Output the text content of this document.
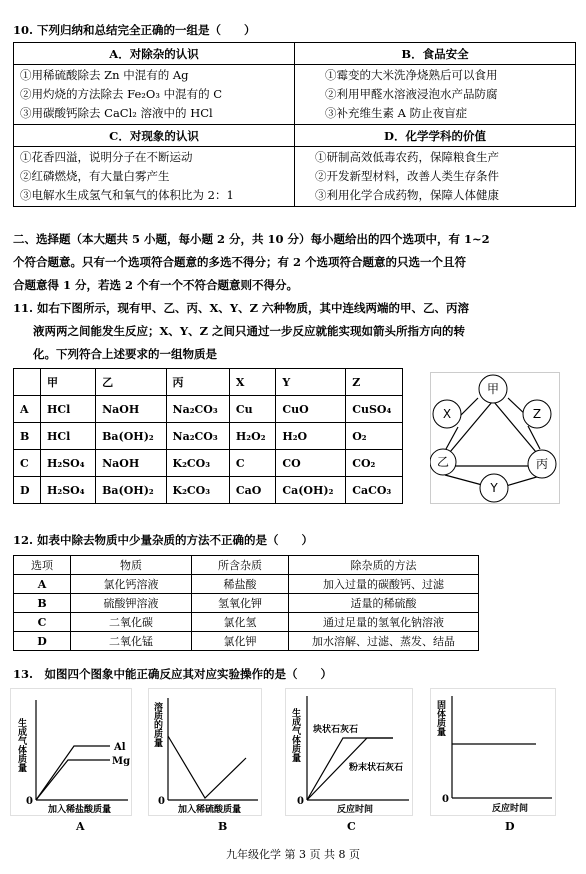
10. 下列归纳和总结完全正确的一组是（　　）
A．对除杂的认识	B．食品安全

①用稀硫酸除去 Zn 中混有的 Ag
②用灼烧的方法除去 Fe₂O₃ 中混有的 C
③用碳酸钙除去 CaCl₂ 溶液中的 HCl	①霉变的大米洗净烧熟后可以食用
②利用甲醛水溶液浸泡水产品防腐
③补充维生素 A 防止夜盲症

C．对现象的认识	D．化学学科的价值

①花香四溢，说明分子在不断运动
②红磷燃烧，有大量白雾产生
③电解水生成氢气和氧气的体积比为 2：1	①研制高效低毒农药，保障粮食生产
②开发新型材料，改善人类生存条件
③利用化学合成药物，保障人体健康
二、选择题（本大题共 5 小题，每小题 2 分，共 10 分）每小题给出的四个选项中，有 1~2
个符合题意。只有一个选项符合题意的多选不得分；有 2 个选项符合题意的只选一个且符
合题意得 1 分，若选 2 个有一个不符合题意则不得分。
11. 如右下图所示，现有甲、乙、丙、X、Y、Z 六种物质，其中连线两端的甲、乙、丙溶
液两两之间能发生反应；X、Y、Z 之间只通过一步反应就能实现如箭头所指方向的转
化。下列符合上述要求的一组物质是
	甲	乙	丙	X	Y	Z
A	HCl	NaOH	Na₂CO₃	Cu	CuO	CuSO₄
B	HCl	Ba(OH)₂	Na₂CO₃	H₂O₂	H₂O	O₂
C	H₂SO₄	NaOH	K₂CO₃	C	CO	CO₂
D	H₂SO₄	Ba(OH)₂	K₂CO₃	CaO	Ca(OH)₂	CaCO₃
甲
X	Z
乙	丙
Y
12. 如表中除去物质中少量杂质的方法不正确的是（　　）
选项	物质	所含杂质	除杂质的方法
A	氯化钙溶液	稀盐酸	加入过量的碳酸钙、过滤
B	硫酸钾溶液	氢氧化钾	适量的稀硫酸
C	二氧化碳	氯化氢	通过足量的氢氧化钠溶液
D	二氧化锰	氯化钾	加水溶解、过滤、蒸发、结晶
13.　如图四个图象中能正确反应其对应实验操作的是（　　）
Al
Mg
0
加入稀盐酸质量
生成气体质量
0
加入稀硫酸质量
溶质的质量	块状石灰石
粉末状石灰石
0
反应时间
生成气体质量
0
反应时间
固体质量
A	B	C	D
九年级化学 第 3 页 共 8 页
